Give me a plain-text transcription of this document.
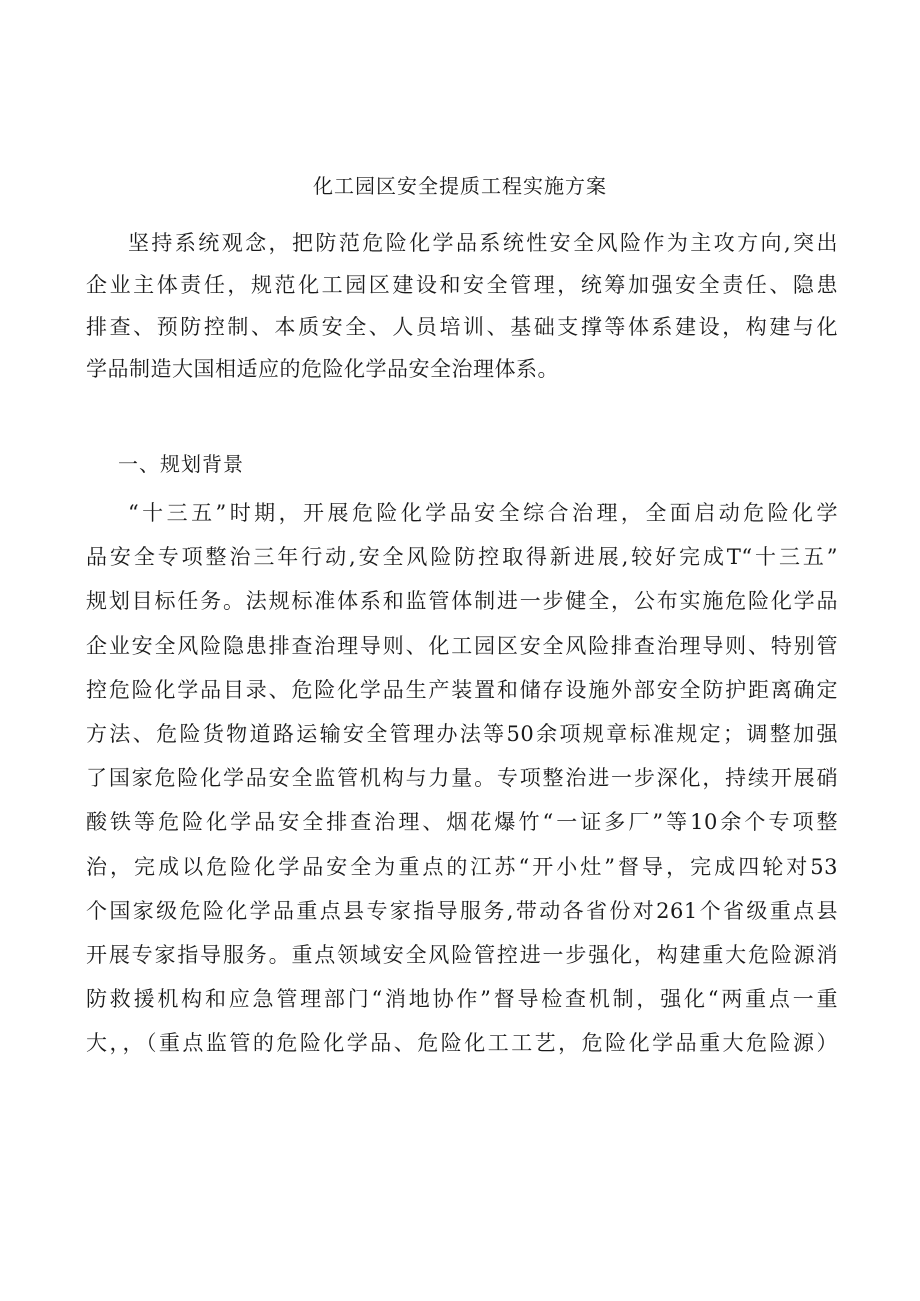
化工园区安全提质工程实施方案
坚持系统观念，把防范危险化学品系统性安全风险作为主攻方向,突出
企业主体责任，规范化工园区建设和安全管理，统筹加强安全责任、隐患
排查、预防控制、本质安全、人员培训、基础支撑等体系建设，构建与化
学品制造大国相适应的危险化学品安全治理体系。
一、规划背景
“十三五”时期，开展危险化学品安全综合治理，全面启动危险化学
品安全专项整治三年行动,安全风险防控取得新进展,较好完成T“十三五”
规划目标任务。法规标准体系和监管体制进一步健全，公布实施危险化学品
企业安全风险隐患排查治理导则、化工园区安全风险排查治理导则、特别管
控危险化学品目录、危险化学品生产装置和储存设施外部安全防护距离确定
方法、危险货物道路运输安全管理办法等50余项规章标准规定；调整加强
了国家危险化学品安全监管机构与力量。专项整治进一步深化，持续开展硝
酸铁等危险化学品安全排查治理、烟花爆竹“一证多厂”等10余个专项整
治，完成以危险化学品安全为重点的江苏“开小灶”督导，完成四轮对53
个国家级危险化学品重点县专家指导服务,带动各省份对261个省级重点县
开展专家指导服务。重点领域安全风险管控进一步强化，构建重大危险源消
防救援机构和应急管理部门“消地协作”督导检查机制，强化“两重点一重
大，，（重点监管的危险化学品、危险化工工艺，危险化学品重大危险源）
